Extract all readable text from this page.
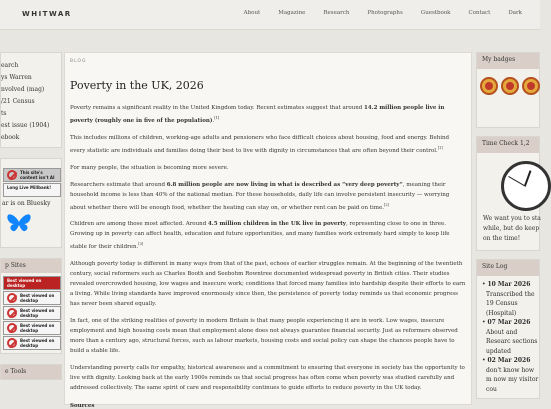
WHITWAR	About	Magazine	Research	Photographs	Guestbook	Contact	Dark
earch
ys Warren
nvolved (mag)
/21 Census
ts
est issue (1904)
ebook
This site's content isn't AI
Long Live Millbank!
ar is on Bluesky
p Sites
Best viewed on desktop
Best viewed on desktop
Best viewed on desktop
Best viewed on desktop
Best viewed on desktop
e Tools
BLOG
Poverty in the UK, 2026

Poverty remains a significant reality in the United Kingdom today. Recent estimates suggest that around 14.2 million people live in poverty (roughly one in five of the population).[1]

This includes millions of children, working-age adults and pensioners who face difficult choices about housing, food and energy. Behind every statistic are individuals and families doing their best to live with dignity in circumstances that are often beyond their control.[1]

For many people, the situation is becoming more severe.

Researchers estimate that around 6.8 million people are now living in what is described as “very deep poverty”, meaning their household income is less than 40% of the national median. For these households, daily life can involve persistent insecurity — worrying about whether there will be enough food, whether the heating can stay on, or whether rent can be paid on time.[2]

Children are among those most affected. Around 4.5 million children in the UK live in poverty, representing close to one in three. Growing up in poverty can affect health, education and future opportunities, and many families work extremely hard simply to keep life stable for their children.[3]

Although poverty today is different in many ways from that of the past, echoes of earlier struggles remain. At the beginning of the twentieth century, social reformers such as Charles Booth and Seebohm Rowntree documented widespread poverty in British cities. Their studies revealed overcrowded housing, low wages and insecure work; conditions that forced many families into hardship despite their efforts to earn a living. While living standards have improved enormously since then, the persistence of poverty today reminds us that economic progress has never been shared equally.

In fact, one of the striking realities of poverty in modern Britain is that many people experiencing it are in work. Low wages, insecure employment and high housing costs mean that employment alone does not always guarantee financial security. Just as reformers observed more than a century ago, structural forces, such as labour markets, housing costs and social policy can shape the chances people have to build a stable life.

Understanding poverty calls for empathy, historical awareness and a commitment to ensuring that everyone in society has the opportunity to live with dignity. Looking back at the early 1900s reminds us that social progress has often come when poverty was studied carefully and addressed collectively. The same spirit of care and responsibility continues to guide efforts to reduce poverty in the UK today.

Sources
My badges
Time Check 1,2
We want you to sta while, but do keep on the time!
Site Log
• 10 Mar 2026
Transcribed the 19 Census (Hospital)
• 07 Mar 2026
About and Researc sections updated
• 02 Mar 2026
don't know how m now my visitor cou
